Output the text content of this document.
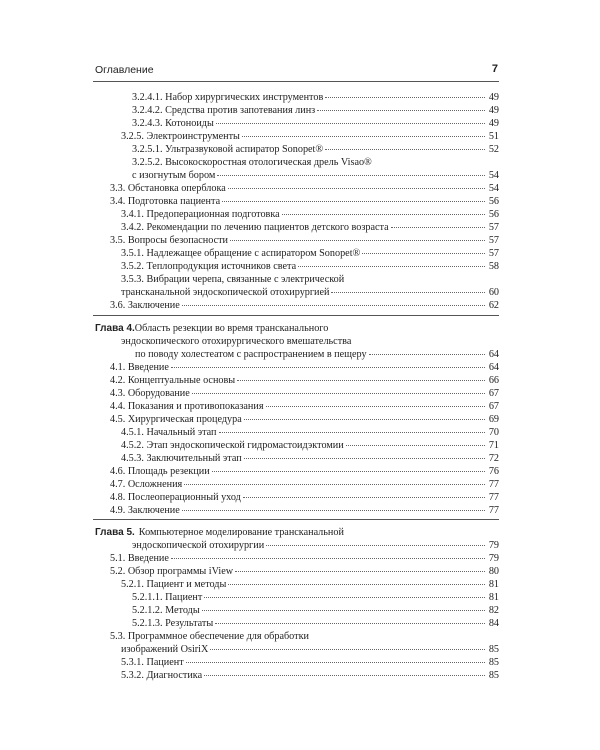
Оглавление	7
3.2.4.1. Набор хирургических инструментов	49
3.2.4.2. Средства против запотевания линз	49
3.2.4.3. Котоноиды	49
3.2.5. Электроинструменты	51
3.2.5.1. Ультразвуковой аспиратор Sonopet®	52
3.2.5.2. Высокоскоростная отологическая дрель Visao®
с изогнутым бором	54
3.3. Обстановка оперблока	54
3.4. Подготовка пациента	56
3.4.1. Предоперационная подготовка	56
3.4.2. Рекомендации по лечению пациентов детского возраста	57
3.5. Вопросы безопасности	57
3.5.1. Надлежащее обращение с аспиратором Sonopet®	57
3.5.2. Теплопродукция источников света	58
3.5.3. Вибрации черепа, связанные с электрической
трансканальной эндоскопической отохирургией	60
3.6. Заключение	62
Глава 4. Область резекции во время трансканального
эндоскопического отохирургического вмешательства
по поводу холестеатом с распространением в пещеру	64
4.1. Введение	64
4.2. Концептуальные основы	66
4.3. Оборудование	67
4.4. Показания и противопоказания	67
4.5. Хирургическая процедура	69
4.5.1. Начальный этап	70
4.5.2. Этап эндоскопической гидромастоидэктомии	71
4.5.3. Заключительный этап	72
4.6. Площадь резекции	76
4.7. Осложнения	77
4.8. Послеоперационный уход	77
4.9. Заключение	77
Глава 5. Компьютерное моделирование трансканальной
эндоскопической отохирургии	79
5.1. Введение	79
5.2. Обзор программы iView	80
5.2.1. Пациент и методы	81
5.2.1.1. Пациент	81
5.2.1.2. Методы	82
5.2.1.3. Результаты	84
5.3. Программное обеспечение для обработки
изображений OsiriX	85
5.3.1. Пациент	85
5.3.2. Диагностика	85
